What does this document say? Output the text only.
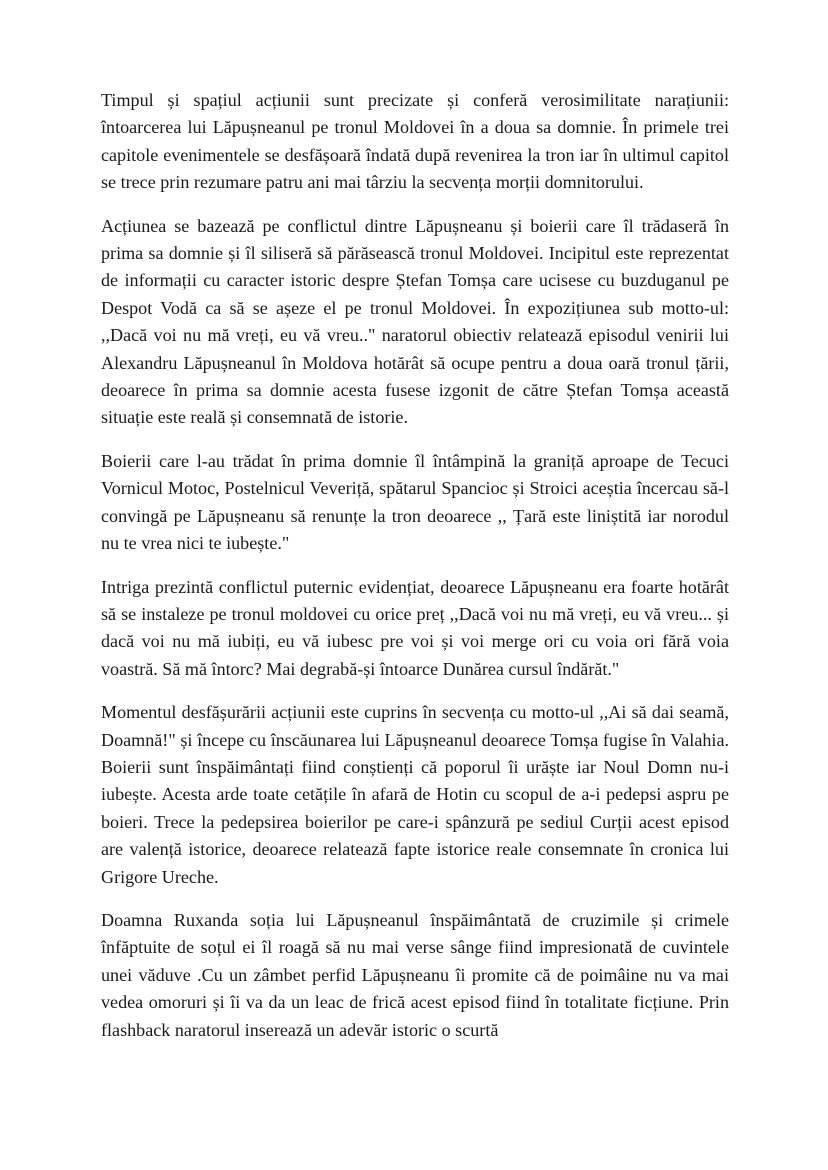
Timpul și spațiul acțiunii sunt precizate și conferă verosimilitate narațiunii: întoarcerea lui Lăpușneanul pe tronul Moldovei în a doua sa domnie. În primele trei capitole evenimentele se desfășoară îndată după revenirea la tron iar în ultimul capitol se trece prin rezumare patru ani mai târziu la secvența morții domnitorului.

Acțiunea se bazează pe conflictul dintre Lăpușneanu și boierii care îl trădaseră în prima sa domnie și îl siliseră să părăsească tronul Moldovei. Incipitul este reprezentat de informații cu caracter istoric despre Ștefan Tomșa care ucisese cu buzduganul pe Despot Vodă ca să se așeze el pe tronul Moldovei. În expozițiunea sub motto-ul: ,,Dacă voi nu mă vreți, eu vă vreu.." naratorul obiectiv relatează episodul venirii lui Alexandru Lăpușneanul în Moldova hotărât să ocupe pentru a doua oară tronul țării, deoarece în prima sa domnie acesta fusese izgonit de către Ștefan Tomșa această situație este reală și consemnată de istorie.

Boierii care l-au trădat în prima domnie îl întâmpină la graniță aproape de Tecuci Vornicul Motoc, Postelnicul Veveriță, spătarul Spancioc și Stroici aceștia încercau să-l convingă pe Lăpușneanu să renunțe la tron deoarece ,, Țară este liniștită iar norodul nu te vrea nici te iubește."

Intriga prezintă conflictul puternic evidențiat, deoarece Lăpușneanu era foarte hotărât să se instaleze pe tronul moldovei cu orice preț ,,Dacă voi nu mă vreți, eu vă vreu... și dacă voi nu mă iubiți, eu vă iubesc pre voi și voi merge ori cu voia ori fără voia voastră. Să mă întorc? Mai degrabă-și întoarce Dunărea cursul îndărăt."

Momentul desfășurării acțiunii este cuprins în secvența cu motto-ul ,,Ai să dai seamă, Doamnă!" și începe cu înscăunarea lui Lăpușneanul deoarece Tomșa fugise în Valahia. Boierii sunt înspăimântați fiind conștienți că poporul îi urăște iar Noul Domn nu-i iubește. Acesta arde toate cetățile în afară de Hotin cu scopul de a-i pedepsi aspru pe boieri. Trece la pedepsirea boierilor pe care-i spânzură pe sediul Curții acest episod are valență istorice, deoarece relatează fapte istorice reale consemnate în cronica lui Grigore Ureche.

Doamna Ruxanda soția lui Lăpușneanul înspăimântată de cruzimile și crimele înfăptuite de soțul ei îl roagă să nu mai verse sânge fiind impresionată de cuvintele unei văduve .Cu un zâmbet perfid Lăpușneanu îi promite că de poimâine nu va mai vedea omoruri și îi va da un leac de frică acest episod fiind în totalitate ficțiune. Prin flashback naratorul inserează un adevăr istoric o scurtă
